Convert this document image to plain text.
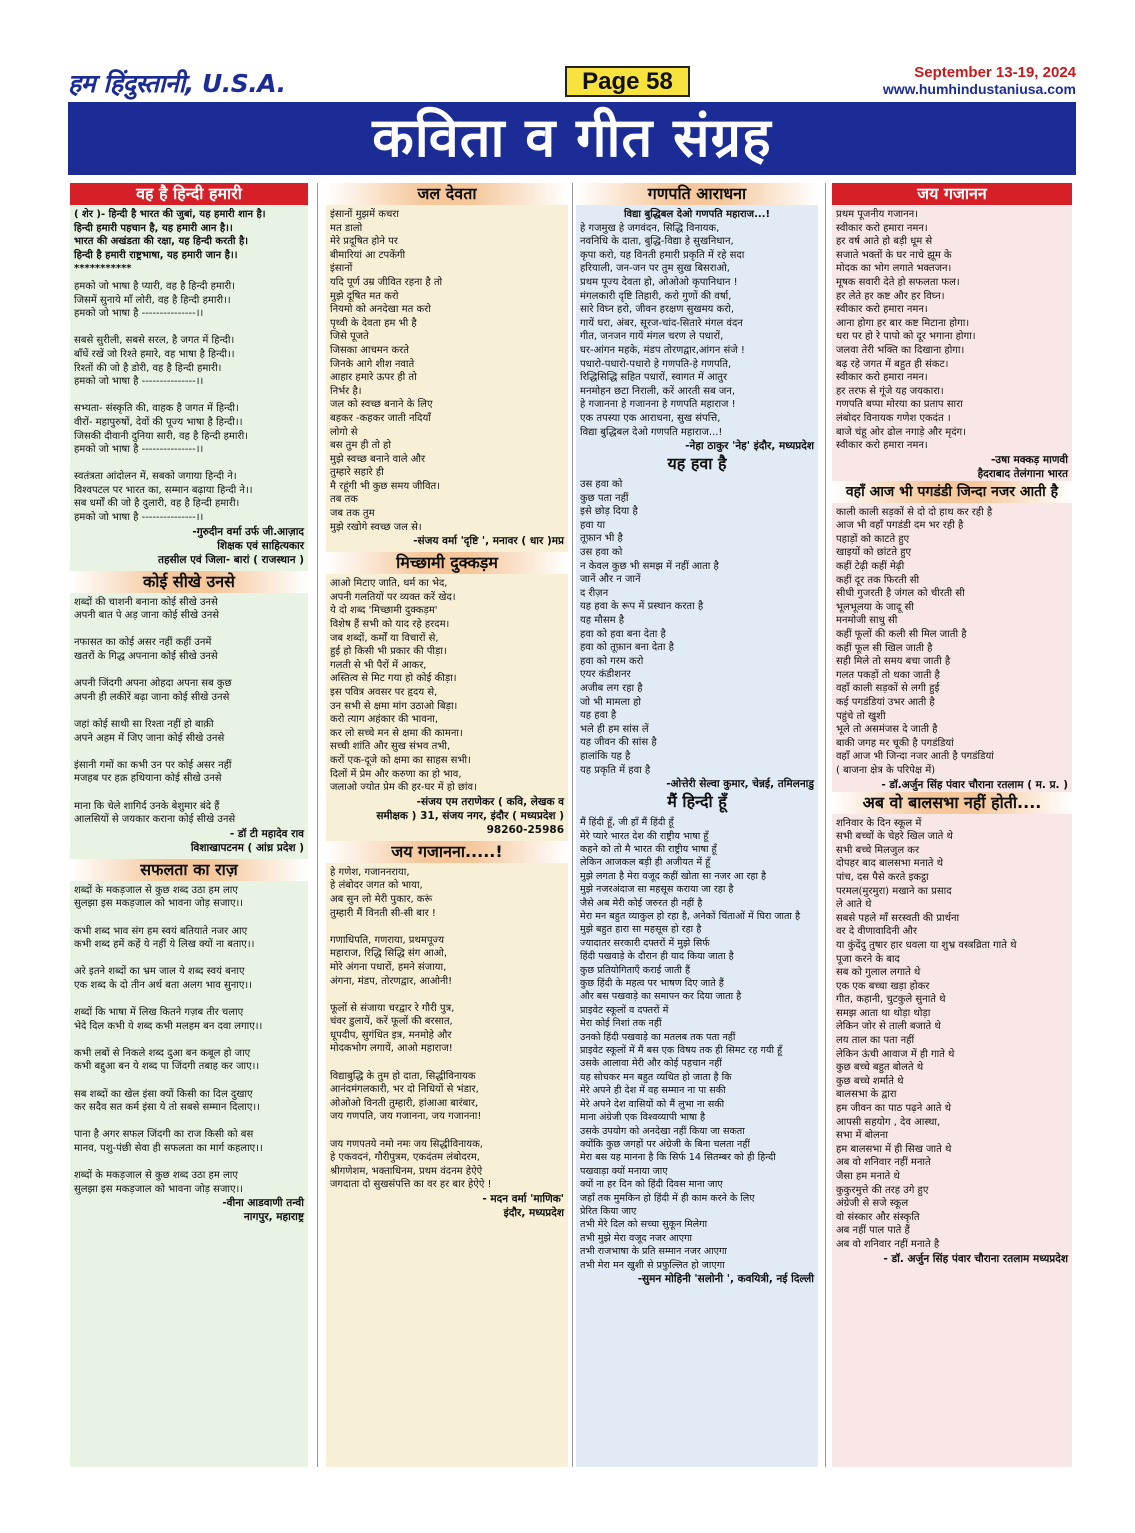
हम हिंदुस्तानी, U.S.A.	Page 58	September 13-19, 2024
www.humhindustaniusa.com
कविता व गीत संग्रह
वह है हिन्दी हमारी
( शेर )- हिन्दी है भारत की जुबां, यह हमारी शान है।
हिन्दी हमारी पहचान है, यह हमारी आन है।।
भारत की अखंडता की रक्षा, यह हिन्दी करती है।
हिन्दी है हमारी राष्ट्रभाषा, यह हमारी जान है।।
***********
हमको जो भाषा है प्यारी, वह है हिन्दी हमारी।
जिसमें सुनाये माँ लोरी, वह है हिन्दी हमारी।।
हमको जो भाषा है ---------------।।

सबसे सुरीली, सबसे सरल, है जगत में हिन्दी।
बाँधें रखें जो रिश्ते हमारे, वह भाषा है हिन्दी।।
रिश्तों की जो है डोरी, वह है हिन्दी हमारी।
हमको जो भाषा है ---------------।।

सभ्यता- संस्कृति की, वाहक है जगत में हिन्दी।
वीरों- महापुरुषों, देवों की पूज्य भाषा है हिन्दी।।
जिसकी दीवानी दुनिया सारी, वह है हिन्दी हमारी।
हमको जो भाषा है ---------------।।

स्वतंत्रता आंदोलन में, सबको जगाया हिन्दी ने।
विश्वपटल पर भारत का, सम्मान बढ़ाया हिन्दी ने।।
सब धर्मों की जो है दुलारी, वह है हिन्दी हमारी।
हमको जो भाषा है ---------------।।
-गुरुदीन वर्मा उर्फ जी.आज़ाद
शिक्षक एवं साहित्यकार
तहसील एवं जिला- बारां ( राजस्थान )
कोई सीखे उनसे
शब्दों की चाशनी बनाना कोई सीखे उनसे
अपनी बात पे अड़ जाना कोई सीखे उनसे

नफासत का कोई असर नहीं कहीं उनमें
खतरों के गिद्ध अपनाना कोई सीखे उनसे

अपनी जिंदगी अपना ओहदा अपना सब कुछ
अपनी ही लकीरें बढ़ा जाना कोई सीखे उनसे

जहां कोई साथी सा रिश्ता नहीं हो बाक़ी
अपने अहम में जिए जाना कोई सीखे उनसे

इंसानी गमों का कभी उन पर कोई असर नहीं
मजहब पर हक़ हथियाना कोई सीखे उनसे

माना कि चेले शागिर्द उनके बेशुमार बंदे हैं
आलसियों से जयकार कराना कोई सीखे उनसे
- डॉ टी महादेव राव
विशाखापटनम ( आंध्र प्रदेश )
सफलता का राज़
शब्दों के मकड़जाल से कुछ शब्द उठा हम लाए
सुलझा इस मकड़जाल को भावना जोड़ सजाए।।

कभी शब्द भाव संग हम स्वयं बतियाते नजर आए
कभी शब्द हमें कहें ये नहीं ये लिख क्यों ना बताए।।

अरे इतने शब्दों का भ्रम जाल ये शब्द स्वयं बनाए
एक शब्द के दो तीन अर्थ बता अलग भाव सुनाए।।

शब्दों कि भाषा में लिख कितने गज़ब तीर चलाए
भेदे दिल कभी ये शब्द कभी मलहम बन दवा लगाए।।

कभी लबों से निकले शब्द दुआ बन कबूल हो जाए
कभी बद्दुआ बन ये शब्द पा जिंदगी तबाह कर जाए।।

सब शब्दों का खेल इंसा क्यों किसी का दिल दुखाए
कर सदैव सत कर्म इंसा ये तो सबसे सम्मान दिलाए।।

पाना है अगर सफल जिंदगी का राज किसी को बस
मानव, पशु-पंछी सेवा ही सफलता का मार्ग कहलाए।।

शब्दों के मकड़जाल से कुछ शब्द उठा हम लाए
सुलझा इस मकड़जाल को भावना जोड़ सजाए।।
-वीना आडवाणी तन्वी
नागपुर, महाराष्ट्र
जल देवता
इंसानों मुझमें कचरा
मत डालो
मेरे प्रदूषित होने पर
बीमारियां आ टपकेंगी
इंसानों
यदि पूर्ण उम्र जीवित रहना है तो
मुझे दूषित मत करो
नियमो को अनदेखा मत करो
पृथ्वी के देवता हम भी है
जिसे पूजते
जिसका आचमन करते
जिनके आगे शीश नवाते
आहार हमारे ऊपर ही तो
निर्भर है।
जल को स्वच्छ बनाने के लिए
बहकर -कहकर जाती नदियाँ
लोगो से
बस तुम ही तो हो
मुझे स्वच्छ बनाने वाले और
तुम्हारे सहारे ही
मै रहूंगी भी कुछ समय जीवित।
तब तक
जब तक तुम
मुझे रखोगे स्वच्छ जल से।
-संजय वर्मा 'दृष्टि ', मनावर ( धार )मप्र
मिच्छामी दुक्कड़म
आओ मिटाए जाति, धर्म का भेद,
अपनी गलतियों पर व्यक्त करें खेद।
ये दो शब्द 'मिच्छामी दुक्कड़म'
विशेष हैं सभी को याद रहे हरदम।
जब शब्दों, कर्मों या विचारों से,
हुई हो किसी भी प्रकार की पीड़ा।
गलती से भी पैरों में आकर,
अस्तित्व से मिट गया हो कोई कीड़ा।
इस पवित्र अवसर पर हृदय से,
उन सभी से क्षमा मांग उठाओ बिड़ा।
करो त्याग अहंकार की भावना,
कर लो सच्चे मन से क्षमा की कामना।
सच्ची शांति और सुख संभव तभी,
करों एक-दूजे को क्षमा का साहस सभी।
दिलों में प्रेम और करुणा का हो भाव,
जलाओ ज्योत प्रेम की हर-घर में हो छांव।
-संजय एम तराणेकर ( कवि, लेखक व
समीक्षक ) 31, संजय नगर, इंदौर ( मध्यप्रदेश )
98260-25986
जय गजानना.....!
हे गणेश, गजाननराया,
हे लंबोदर जगत को भाया,
अब सुन लो मेरी पुकार, करूं
तुम्हारी मैं विनती सी-सी बार !

गणाधिपति, गणराया, प्रथमपूज्य
महाराज, रिद्धि सिद्धि संग आओ,
मोरे अंगना पधारों, हमने संजाया,
अंगना, मंडप, तोरणद्वार, आओनी!

फूलों से संजाया चरद्वार रे गौरी पुत्र,
चंवर डुलायें, करें फूलों की बरसात,
धूपदीप, सुगंधित इत्र, मनमोहे और
मोदकभोग लगायें, आओ महाराज!

विद्याबुद्धि के तुम हो दाता, सिद्धीविनायक
आनंदमंगलकारी, भर दो निधियों से भंडार,
ओओओ विनती तुम्हारी, हांआआ बारंबार,
जय गणपति, जय गजानना, जय गजानना!

जय गणपतये नमो नमः जय सिद्धीविनायक,
हे एकवदनं, गौरीपुत्रम, एकदंतम लंबोदरम,
श्रीगणेशम, भक्ताधिनम, प्रथम वंदनम हेऐऐ
जगदाता दो सुखसंपत्ति का वर हर बार हेऐऐ !
- मदन वर्मा 'माणिक'
इंदौर, मध्यप्रदेश
गणपति आराधना
विद्या बुद्धिबल देओ गणपति महाराज...!
हे गजमुख हे जगवंदन, सिद्धि विनायक,
नवनिधि के दाता, बुद्धि-विद्या हे सुखनिधान,
कृपा करो, यह विनती हमारी प्रकृति में रहे सदा
हरियाली, जन-जन पर तुम सुख बिसराओ,
प्रथम पूज्य देवता हो, ओओओ कृपानिधान !
मंगलकारी दृष्टि तिहारी, करो गुणों की वर्षा,
सारे विघ्न हरो, जीवन हरक्षण सुखमय करो,
गायें धरा, अंबर, सूरज-चांद-सितारे मंगल वंदन
गीत, जनजन गायें मंगल चरण ले पधारों,
घर-आंगन महके, मंडप तोरणद्वार,आंगन संजे !
पधारो-पधारो-पधारो हे गणपति-हे गणपति,
रिद्धिसिद्धि सहित पधारों, स्वागत में आतुर
मनमोहन छटा निराली, करें आरती सब जन,
हे गजानना हे गजानना हे गणपति महाराज !
एक तपस्या एक आराधना, सुख संपत्ति,
विद्या बुद्धिबल देओ गणपति महाराज...!
-नेहा ठाकुर 'नेह' इंदौर, मध्यप्रदेश
यह हवा है
उस हवा को
कुछ पता नहीं
इसे छोड़ दिया है
हवा या
तूफ़ान भी है
उस हवा को
न केवल कुछ भी समझ में नहीं आता है
जानें और न जानें
द रीज़न
यह हवा के रूप में प्रस्थान करता है
यह मौसम है
हवा को हवा बना देता है
हवा को तूफ़ान बना देता है
हवा को गरम करो
एयर कंडीशनर
अजीब लग रहा है
जो भी मामला हो
यह हवा है
भले ही हम सांस लें
यह जीवन की सांस है
हालांकि यह है
यह प्रकृति में हवा है
-ओत्तेरी सेल्वा कुमार, चेन्नई, तमिलनाडु
मैं हिन्दी हूँ
मैं हिंदी हूँ, जी हाँ मैं हिंदी हूँ
मेरे प्यारे भारत देश की राष्ट्रीय भाषा हूँ
कहने को तो मै भारत की राष्ट्रीय भाषा हूँ
लेकिन आजकल बड़ी ही अजीयत में हूँ
मुझे लगता है मेरा वजूद कहीं खोता सा नजर आ रहा है
मुझे नजरअंदाज सा महसूस कराया जा रहा है
जैसे अब मेरी कोई जरुरत ही नहीं है
मेरा मन बहुत व्याकुल हो रहा है, अनेकों चिंताओं में घिरा जाता है
मुझे बहुत हारा सा महसूस हो रहा है
ज्यादातर सरकारी दफ्तरों में मुझे सिर्फ
हिंदी पखवाड़े के दौरान ही याद किया जाता है
कुछ प्रतियोगिताएँ कराई जाती हैं
कुछ हिंदी के महत्व पर भाषण दिए जाते हैं
और बस पखवाड़े का समापन कर दिया जाता है
प्राइवेट स्कूलों व दफ्तरों में
मेरा कोई निशां तक नहीं
उनको हिंदी पखवाड़े का मतलब तक पता नहीं
प्राइवेट स्कूलों में मैं बस एक विषय तक ही सिमट रह गयी हूँ
उसके आलावा मेरी और कोई पहचान नहीं
यह सोचकर मन बहुत व्यथित हो जाता है कि
मेरे अपने ही देश में वह सम्मान ना पा सकी
मेरे अपने देश वासियों को मैं लुभा ना सकी
माना अंग्रेजी एक विश्वव्यापी भाषा है
उसके उपयोग को अनदेखा नहीं किया जा सकता
क्योंकि कुछ जगहों पर अंग्रेजी के बिना चलता नहीं
मेरा बस यह मानना है कि सिर्फ 14 सितम्बर को ही हिन्दी
पखवाड़ा क्यों मनाया जाए
क्यों ना हर दिन को हिंदी दिवस माना जाए
जहाँ तक मुमकिन हो हिंदी में ही काम करने के लिए
प्रेरित किया जाए
तभी मेरे दिल को सच्चा सुकून मिलेगा
तभी मुझे मेरा वजूद नजर आएगा
तभी राजभाषा के प्रति सम्मान नजर आएगा
तभी मेरा मन खुशी से प्रफुल्लित हो जाएगा
-सुमन मोहिनी 'सलोनी ', कवयित्री, नई दिल्ली
जय गजानन
प्रथम पूजनीय गजानन।
स्वीकार करो हमारा नमन।
हर वर्ष आते हो बड़ी धूम से
सजाते भक्तों के घर नाचे झूम के
मोदक का भोग लगाते भक्तजन।
मूषक सवारी देते हो सफलता फल।
हर लेते हर कष्ट और हर विघ्न।
स्वीकार करो हमारा नमन।
आना होगा हर बार कष्ट मिटाना होगा।
धरा पर हो रे पापो को दूर भगाना होगा।
जलवा तेरी भक्ति का दिखाना होगा।
बढ़ रहे जगत में बहुत ही संकट।
स्वीकार करो हमारा नमन।
हर तरफ से गूंजे यह जयकारा।
गणपति बप्पा मोरया का प्रताप सारा
लंबोदर विनायक गणेश एकदंत ।
बाजे चंहू ओर ढोल नगाड़े और मृदंग।
स्वीकार करो हमारा नमन।
-उषा मक्कड़ माणवी
हैदराबाद तेलंगाना भारत
वहाँ आज भी पगडंडी जिन्दा नजर आती है
काली काली सड़कों से दो दो हाथ कर रही है
आज भी वहाँ पगडंडी दम भर रही है
पहाड़ों को काटते हुए
खाइयों को छांटते हुए
कहीं टेढ़ी कहीं मेढ़ी
कहीं दूर तक फिरती सी
सीधी गुजरती है जंगल को चीरती सी
भूलभूलया के जादू सी
मनमोजी साधु सी
कहीं फूलों की कली सी मिल जाती है
कहीं फूल सी खिल जाती है
सही मिले तो समय बचा जाती है
गलत पकड़ों तो थका जाती है
वहाँ काली सड़कों से लगी हुई
कई पगडंडियां उभर आती है
पहुंचे तो खुशी
भूले तो असमंजस दे जाती है
बाकी जगह मर चूकी है पगडंडियां
वहाँ आज भी जिन्दा नजर आती है पगडंडियां
( बाजना क्षेत्र के परिपेक्ष में)
- डॉ.अर्जुन सिंह पंवार चौराना रतलाम ( म. प्र. )
अब वो बालसभा नहीं होती....
शनिवार के दिन स्कूल में
सभी बच्चों के चेहरे खिल जाते थे
सभी बच्चे मिलजुल कर
दोपहर बाद बालसभा मनाते थे
पांच, दस पैसे करते इकट्ठा
परमल(मुरमुरा) मखाने का प्रसाद
ले आते थे
सबसे पहले माँ सरस्वती की प्रार्थना
वर दे वीणावादिनी और
या कुंदेंदु तुषार हार धवला या शुभ्र वस्त्रव्रिता गाते थे
पूजा करने के बाद
सब को गुलाल लगाते थे
एक एक बच्चा खड़ा होकर
गीत, कहानी, चुटकुले सुनाते थे
समझ आता था थोड़ा थोड़ा
लेकिन जोर से ताली बजाते थे
लय ताल का पता नहीं
लेकिन ऊंची आवाज में ही गाते थे
कुछ बच्चे बहुत बोलते थे
कुछ बच्चे शर्माते थे
बालसभा के द्वारा
हम जीवन का पाठ पढ़ने आते थे
आपसी सहयोग , देव आस्था,
सभा में बोलना
हम बालसभा में ही सिख जाते थे
अब वो शनिवार नहीं मनाते
जैसा हम मनाते थे
कुकुरमुत्ते की तरह उगे हुए
अंग्रेजी से सजे स्कूल
वो संस्कार और संस्कृति
अब नहीं पाल पाते हैं
अब वो शनिवार नहीं मनाते है
- डॉ. अर्जुन सिंह पंवार चौराना रतलाम मध्यप्रदेश
